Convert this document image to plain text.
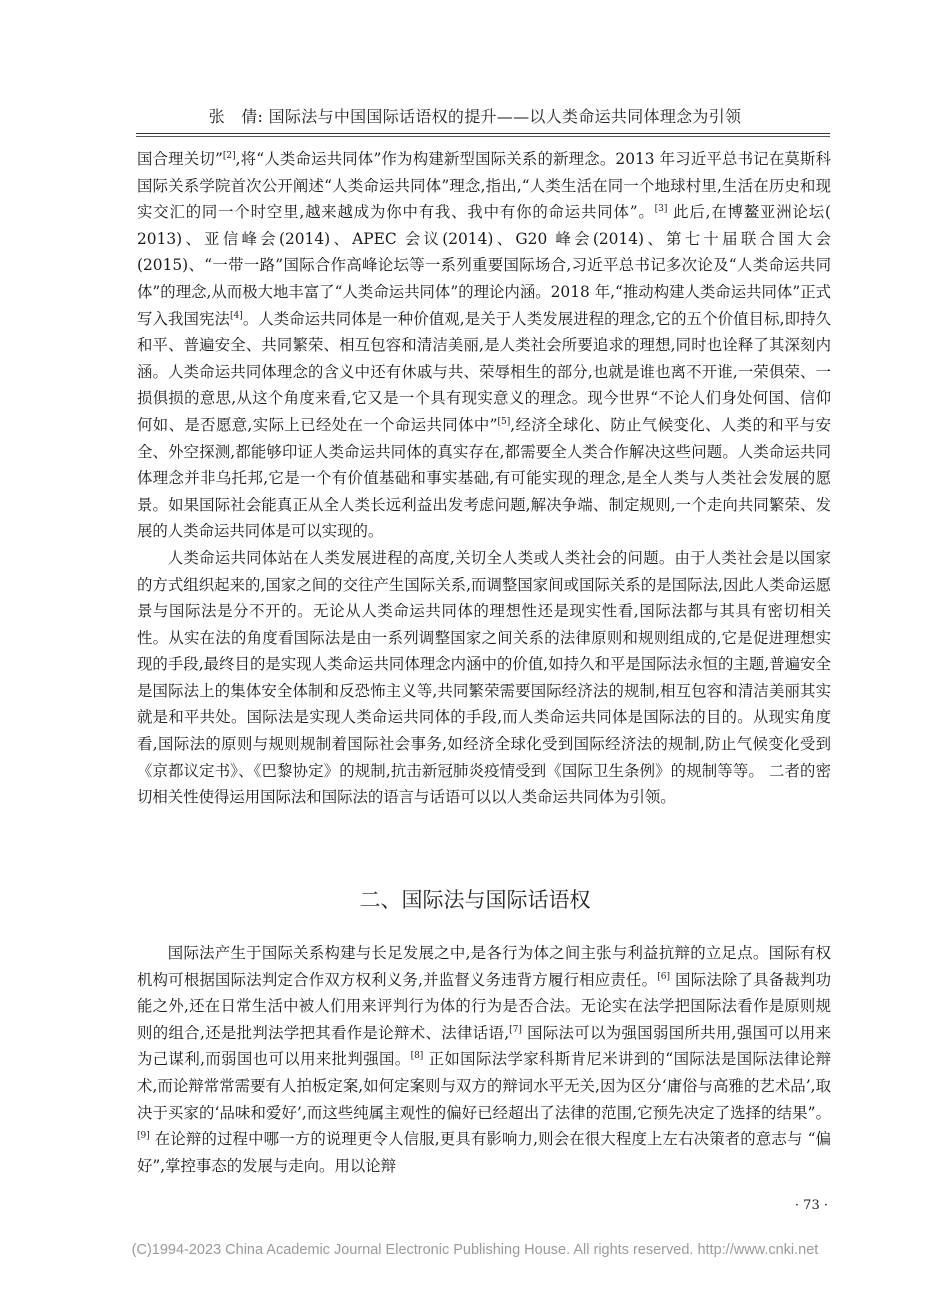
张　倩: 国际法与中国国际话语权的提升——以人类命运共同体理念为引领

国合理关切”[2],将“人类命运共同体”作为构建新型国际关系的新理念。2013 年习近平总书记在莫斯科国际关系学院首次公开阐述“人类命运共同体”理念,指出,“人类生活在同一个地球村里,生活在历史和现实交汇的同一个时空里,越来越成为你中有我、我中有你的命运共同体”。[3] 此后,在博鳌亚洲论坛( 2013)、亚信峰会(2014)、APEC 会议(2014)、G20 峰会(2014)、第七十届联合国大会(2015)、“一带一路”国际合作高峰论坛等一系列重要国际场合,习近平总书记多次论及“人类命运共同体”的理念,从而极大地丰富了“人类命运共同体”的理论内涵。2018 年,“推动构建人类命运共同体”正式写入我国宪法[4]。人类命运共同体是一种价值观,是关于人类发展进程的理念,它的五个价值目标,即持久和平、普遍安全、共同繁荣、相互包容和清洁美丽,是人类社会所要追求的理想,同时也诠释了其深刻内涵。人类命运共同体理念的含义中还有休戚与共、荣辱相生的部分,也就是谁也离不开谁,一荣俱荣、一损俱损的意思,从这个角度来看,它又是一个具有现实意义的理念。现今世界“不论人们身处何国、信仰何如、是否愿意,实际上已经处在一个命运共同体中”[5],经济全球化、防止气候变化、人类的和平与安全、外空探测,都能够印证人类命运共同体的真实存在,都需要全人类合作解决这些问题。人类命运共同体理念并非乌托邦,它是一个有价值基础和事实基础,有可能实现的理念,是全人类与人类社会发展的愿景。如果国际社会能真正从全人类长远利益出发考虑问题,解决争端、制定规则,一个走向共同繁荣、发展的人类命运共同体是可以实现的。

人类命运共同体站在人类发展进程的高度,关切全人类或人类社会的问题。由于人类社会是以国家的方式组织起来的,国家之间的交往产生国际关系,而调整国家间或国际关系的是国际法,因此人类命运愿景与国际法是分不开的。无论从人类命运共同体的理想性还是现实性看,国际法都与其具有密切相关性。从实在法的角度看国际法是由一系列调整国家之间关系的法律原则和规则组成的,它是促进理想实现的手段,最终目的是实现人类命运共同体理念内涵中的价值,如持久和平是国际法永恒的主题,普遍安全是国际法上的集体安全体制和反恐怖主义等,共同繁荣需要国际经济法的规制,相互包容和清洁美丽其实就是和平共处。国际法是实现人类命运共同体的手段,而人类命运共同体是国际法的目的。从现实角度看,国际法的原则与规则规制着国际社会事务,如经济全球化受到国际经济法的规制,防止气候变化受到《京都议定书》、《巴黎协定》的规制,抗击新冠肺炎疫情受到《国际卫生条例》的规制等等。 二者的密切相关性使得运用国际法和国际法的语言与话语可以以人类命运共同体为引领。

二、国际法与国际话语权

国际法产生于国际关系构建与长足发展之中,是各行为体之间主张与利益抗辩的立足点。国际有权机构可根据国际法判定合作双方权利义务,并监督义务违背方履行相应责任。[6] 国际法除了具备裁判功能之外,还在日常生活中被人们用来评判行为体的行为是否合法。无论实在法学把国际法看作是原则规则的组合,还是批判法学把其看作是论辩术、法律话语,[7] 国际法可以为强国弱国所共用,强国可以用来为己谋利,而弱国也可以用来批判强国。[8] 正如国际法学家科斯肯尼米讲到的“国际法是国际法律论辩术,而论辩常常需要有人拍板定案,如何定案则与双方的辩词水平无关,因为区分‘庸俗与高雅的艺术品’,取决于买家的‘品味和爱好’,而这些纯属主观性的偏好已经超出了法律的范围,它预先决定了选择的结果”。[9] 在论辩的过程中哪一方的说理更令人信服,更具有影响力,则会在很大程度上左右决策者的意志与 “偏好”,掌控事态的发展与走向。用以论辩

· 73 ·
(C)1994-2023 China Academic Journal Electronic Publishing House. All rights reserved. http://www.cnki.net
